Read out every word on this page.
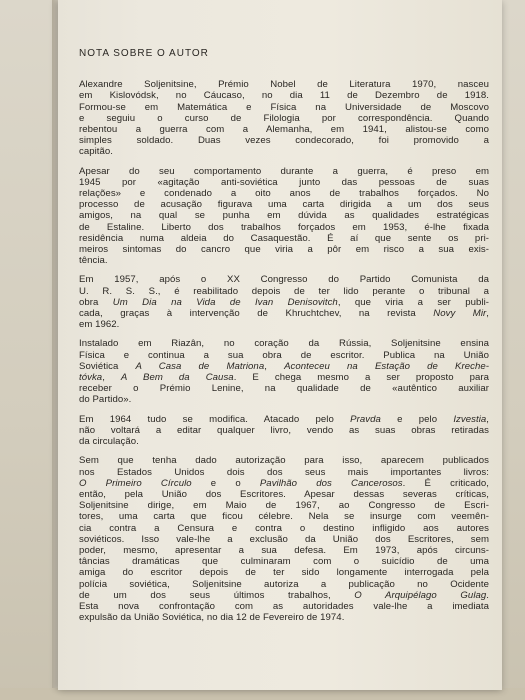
NOTA SOBRE O AUTOR
Alexandre Soljenitsine, Prémio Nobel de Literatura 1970, nasceu
em Kislovódsk, no Cáucaso, no dia 11 de Dezembro de 1918.
Formou-se em Matemática e Física na Universidade de Moscovo
e seguiu o curso de Filologia por correspondência. Quando
rebentou a guerra com a Alemanha, em 1941, alistou-se como
simples soldado. Duas vezes condecorado, foi promovido a
capitão.
Apesar do seu comportamento durante a guerra, é preso em
1945 por «agitação anti-soviética junto das pessoas de suas
relações» e condenado a oito anos de trabalhos forçados. No
processo de acusação figurava uma carta dirigida a um dos seus
amigos, na qual se punha em dúvida as qualidades estratégicas
de Estaline. Liberto dos trabalhos forçados em 1953, é-lhe fixada
residência numa aldeia do Casaquestão. É aí que sente os pri-
meiros sintomas do cancro que viria a pôr em risco a sua exis-
tência.
Em 1957, após o XX Congresso do Partido Comunista da
U. R. S. S., é reabilitado depois de ter lido perante o tribunal a
obra Um Dia na Vida de Ivan Denisovitch, que viria a ser publi-
cada, graças à intervenção de Khruchtchev, na revista Novy Mir,
em 1962.
Instalado em Riazân, no coração da Rússia, Soljenitsine ensina
Física e continua a sua obra de escritor. Publica na União
Soviética A Casa de Matriona, Aconteceu na Estação de Kreche-
tóvka, A Bem da Causa. E chega mesmo a ser proposto para
receber o Prémio Lenine, na qualidade de «autêntico auxiliar
do Partido».
Em 1964 tudo se modifica. Atacado pelo Pravda e pelo Izvestia,
não voltará a editar qualquer livro, vendo as suas obras retiradas
da circulação.
Sem que tenha dado autorização para isso, aparecem publicados
nos Estados Unidos dois dos seus mais importantes livros:
O Primeiro Círculo e o Pavilhão dos Cancerosos. É criticado,
então, pela União dos Escritores. Apesar dessas severas críticas,
Soljenitsine dirige, em Maio de 1967, ao Congresso de Escri-
tores, uma carta que ficou célebre. Nela se insurge com veemên-
cia contra a Censura e contra o destino infligido aos autores
soviéticos. Isso vale-lhe a exclusão da União dos Escritores, sem
poder, mesmo, apresentar a sua defesa. Em 1973, após circuns-
tâncias dramáticas que culminaram com o suicídio de uma
amiga do escritor depois de ter sido longamente interrogada pela
polícia soviética, Soljenitsine autoriza a publicação no Ocidente
de um dos seus últimos trabalhos, O Arquipélago Gulag.
Esta nova confrontação com as autoridades vale-lhe a imediata
expulsão da União Soviética, no dia 12 de Fevereiro de 1974.
